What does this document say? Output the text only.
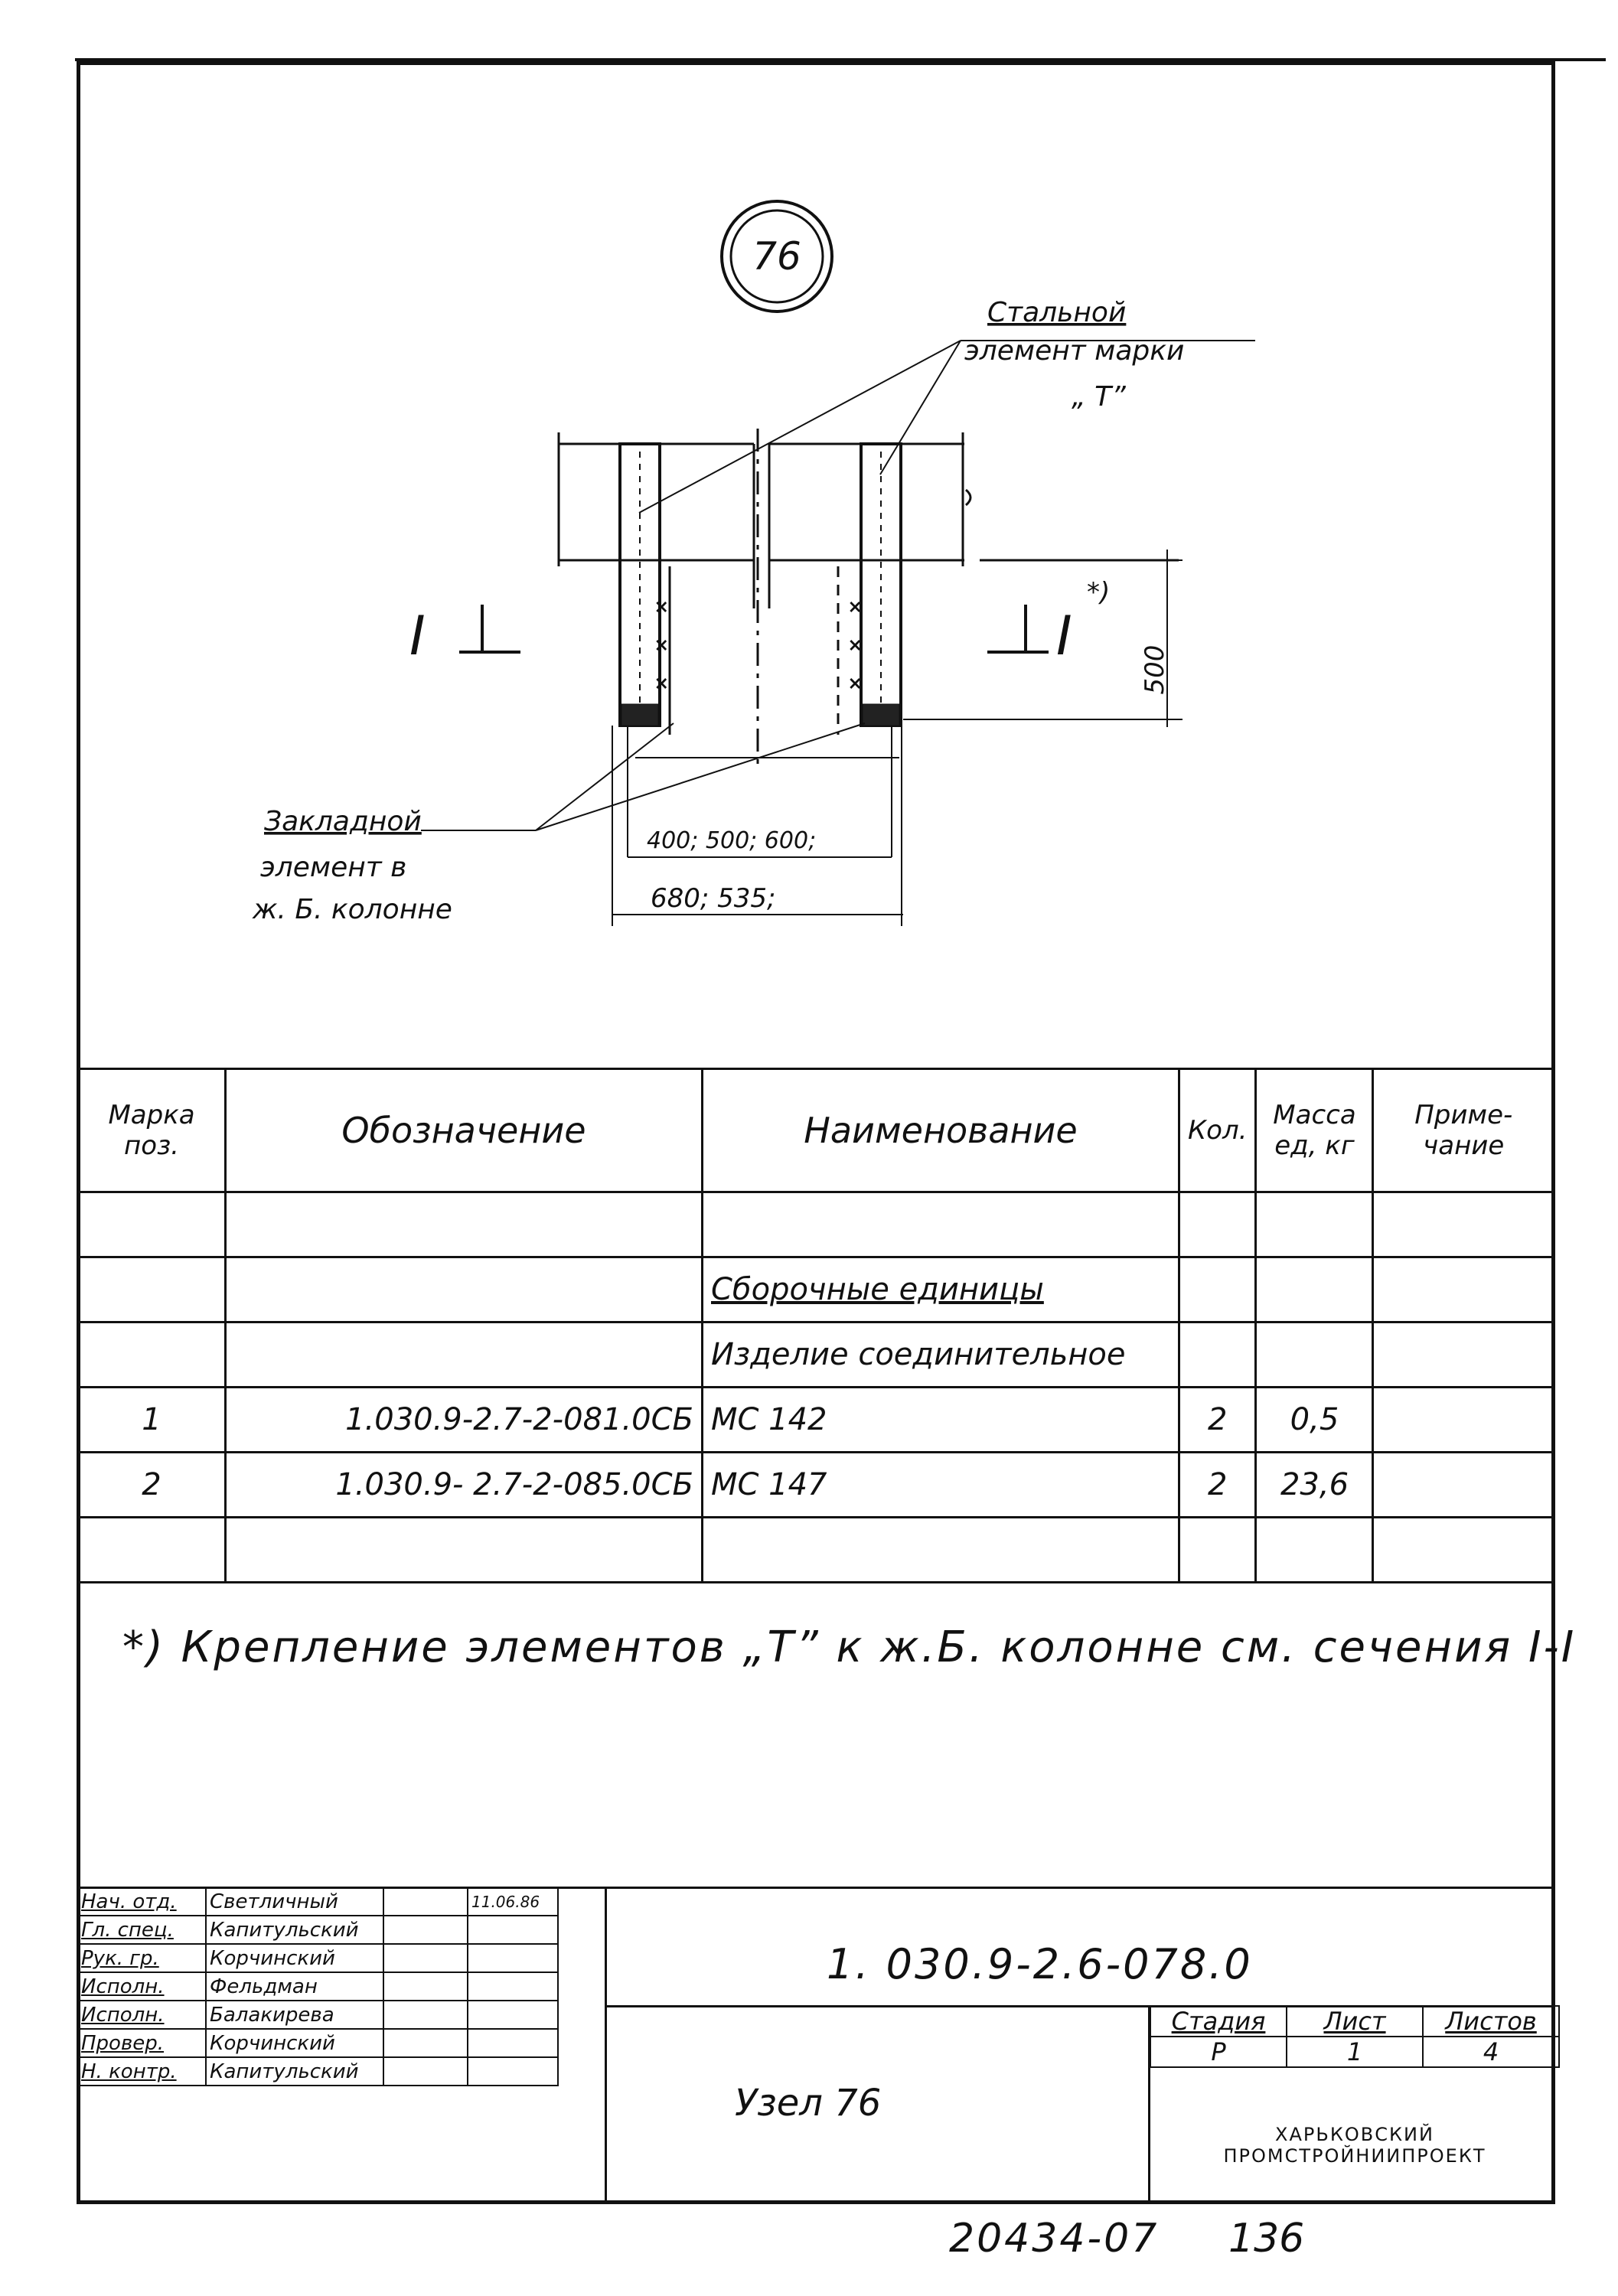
76
×
×
×
×
×
×	500
400; 500; 600;
680; 535;
I	I
*)
Стальной
элемент марки
„ Т”
Закладной
элемент в
ж. Б. колонне
Марка поз.	Обозначение	Наименование	Кол.	Масса ед, кг	Приме- чание

		Сборочные единицы			
		Изделие соединительное			
1	1.030.9-2.7-2-081.0СБ	МС 142	2	0,5	
2	1.030.9- 2.7-2-085.0СБ	МС 147	2	23,6	

*) Крепление элементов „Т” к ж.Б. колонне см. сечения I-I
Нач. отд.	Светличный		11.06.86
Гл. спец.	Капитульский		
Рук. гр.	Корчинский		
Исполн.	Фельдман		
Исполн.	Балакирева		
Провер.	Корчинский		
Н. контр.	Капитульский		
1. 030.9-2.6-078.0
Узел 76
Стадия	Лист	Листов
Р	1	4
ХАРЬКОВСКИЙ
ПРОМСТРОЙНИИПРОЕКТ
20434-07 136
